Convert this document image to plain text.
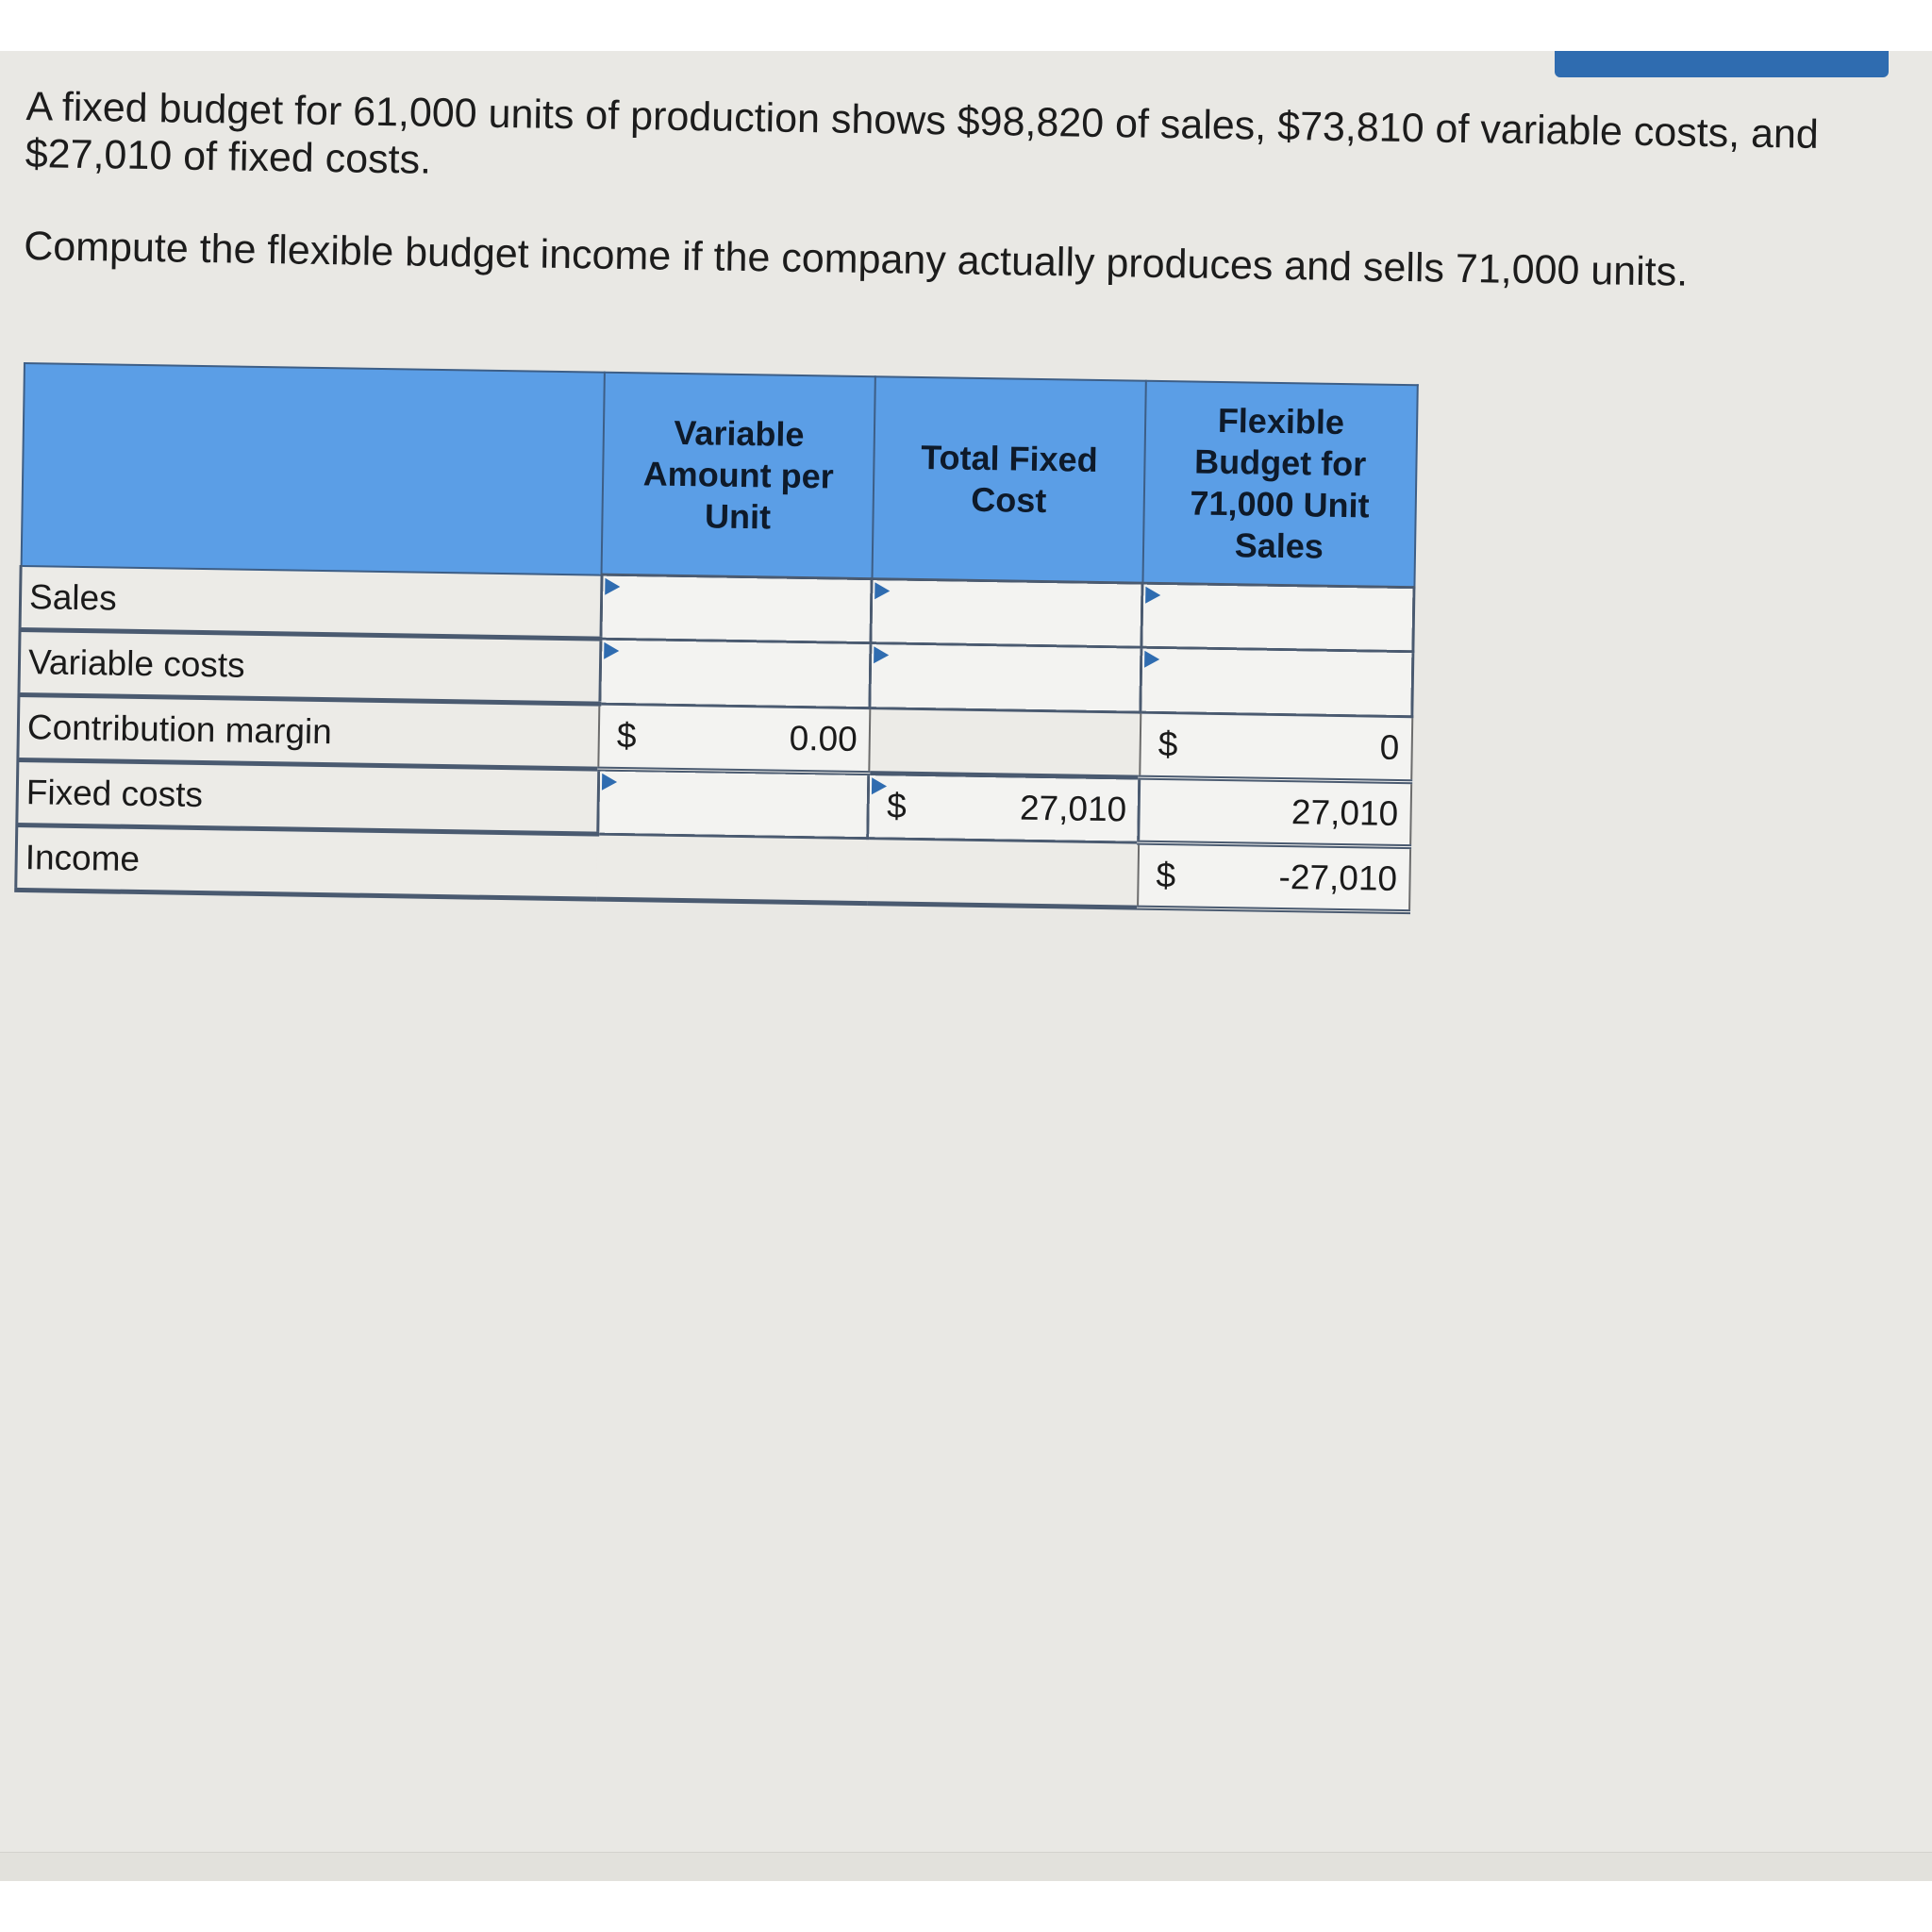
A fixed budget for 61,000 units of production shows $98,820 of sales, $73,810 of variable costs, and $27,010 of fixed costs.

Compute the flexible budget income if the company actually produces and sells 71,000 units.

	Variable Amount per Unit	Total Fixed Cost	Flexible Budget for 71,000 Unit Sales
Sales			
Variable costs			
Contribution margin	$ 0.00		$ 0

Fixed costs		$ 27,010	27,010

Income			$ -27,010
